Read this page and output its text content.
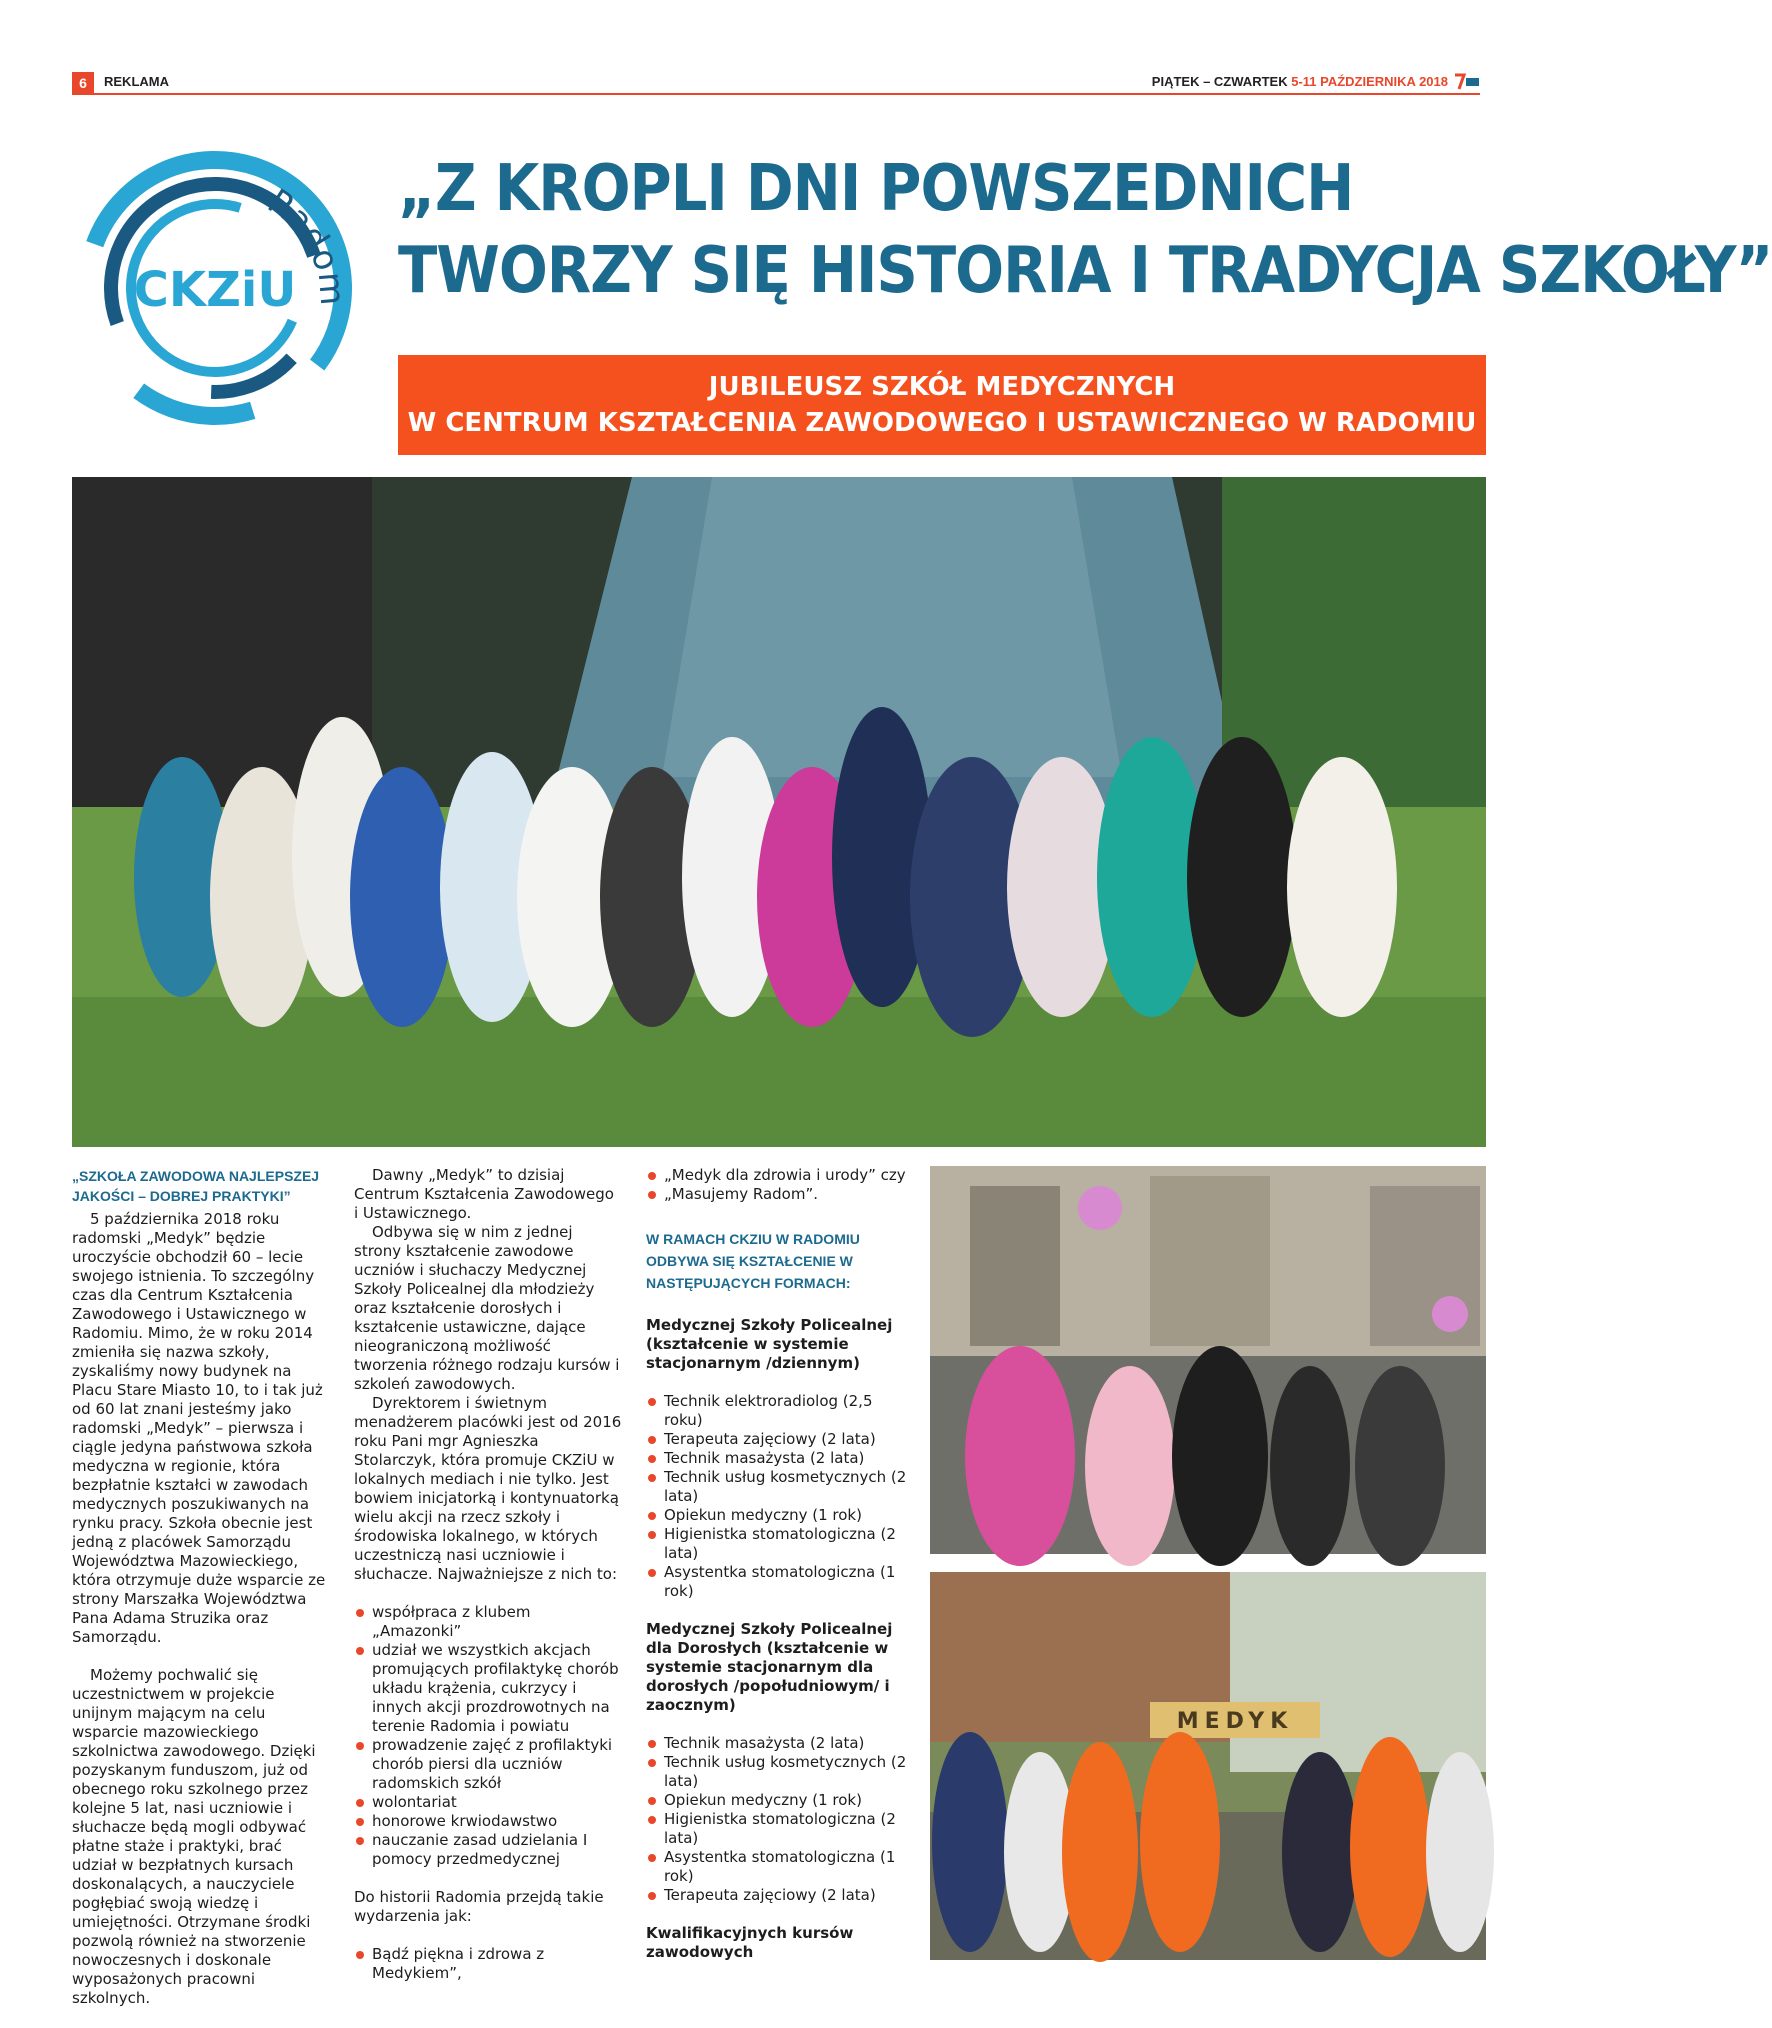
6	REKLAMA	PIĄTEK – CZWARTEK 5-11 PAŹDZIERNIKA 2018
CKZiU
Radom
„Z KROPLI DNI POWSZEDNICH
TWORZY SIĘ HISTORIA I TRADYCJA SZKOŁY”
JUBILEUSZ SZKÓŁ MEDYCZNYCH
W CENTRUM KSZTAŁCENIA ZAWODOWEGO I USTAWICZNEGO W RADOMIU
MEDYK
„SZKOŁA ZAWODOWA NAJLEPSZEJ JAKOŚCI – DOBREJ PRAKTYKI”

5 października 2018 roku radomski „Medyk” będzie uroczyście obchodził 60 – lecie swojego istnienia. To szczególny czas dla Centrum Kształcenia Zawodowego i Ustawicznego w Radomiu. Mimo, że w roku 2014 zmieniła się nazwa szkoły, zyskaliśmy nowy budynek na Placu Stare Miasto 10, to i tak już od 60 lat znani jesteśmy jako radomski „Medyk” – pierwsza i ciągle jedyna państwowa szkoła medyczna w regionie, która bezpłatnie kształci w zawodach medycznych poszukiwanych na rynku pracy. Szkoła obecnie jest jedną z placówek Samorządu Województwa Mazowieckiego, która otrzymuje duże wsparcie ze strony Marszałka Województwa Pana Adama Struzika oraz Samorządu.

Możemy pochwalić się uczestnictwem w projekcie unijnym mającym na celu wsparcie mazowieckiego szkolnictwa zawodowego. Dzięki pozyskanym funduszom, już od obecnego roku szkolnego przez kolejne 5 lat, nasi uczniowie i słuchacze będą mogli odbywać płatne staże i praktyki, brać udział w bezpłatnych kursach doskonalących, a nauczyciele pogłębiać swoją wiedzę i umiejętności. Otrzymane środki pozwolą również na stworzenie nowoczesnych i doskonale wyposażonych pracowni szkolnych.

Dawny „Medyk” to dzisiaj Centrum Kształcenia Zawodowego i Ustawicznego.

Odbywa się w nim z jednej strony kształcenie zawodowe uczniów i słuchaczy Medycznej Szkoły Policealnej dla młodzieży oraz kształcenie dorosłych i kształcenie ustawiczne, dające nieograniczoną możliwość tworzenia różnego rodzaju kursów i szkoleń zawodowych.

Dyrektorem i świetnym menadżerem placówki jest od 2016 roku Pani mgr Agnieszka Stolarczyk, która promuje CKZiU w lokalnych mediach i nie tylko. Jest bowiem inicjatorką i kontynuatorką wielu akcji na rzecz szkoły i środowiska lokalnego, w których uczestniczą nasi uczniowie i słuchacze. Najważniejsze z nich to:

współpraca z klubem „Amazonki”
udział we wszystkich akcjach promujących profilaktykę chorób układu krążenia, cukrzycy i innych akcji prozdrowotnych na terenie Radomia i powiatu
prowadzenie zajęć z profilaktyki chorób piersi dla uczniów radomskich szkół
wolontariat
honorowe krwiodawstwo
nauczanie zasad udzielania I pomocy przedmedycznej

Do historii Radomia przejdą takie wydarzenia jak:

Bądź piękna i zdrowa z Medykiem”,
„Medyk dla zdrowia i urody” czy
„Masujemy Radom”.
W RAMACH CKZIU W RADOMIU ODBYWA SIĘ KSZTAŁCENIE W NASTĘPUJĄCYCH FORMACH:
Medycznej Szkoły Policealnej (kształcenie w systemie stacjonarnym /dziennym)
Technik elektroradiolog (2,5 roku)
Terapeuta zajęciowy (2 lata)
Technik masażysta (2 lata)
Technik usług kosmetycznych (2 lata)
Opiekun medyczny (1 rok)
Higienistka stomatologiczna (2 lata)
Asystentka stomatologiczna (1 rok)
Medycznej Szkoły Policealnej dla Dorosłych (kształcenie w systemie stacjonarnym dla dorosłych /popołudniowym/ i zaocznym)
Technik masażysta (2 lata)
Technik usług kosmetycznych (2 lata)
Opiekun medyczny (1 rok)
Higienistka stomatologiczna (2 lata)
Asystentka stomatologiczna (1 rok)
Terapeuta zajęciowy (2 lata)
Kwalifikacyjnych kursów zawodowych
